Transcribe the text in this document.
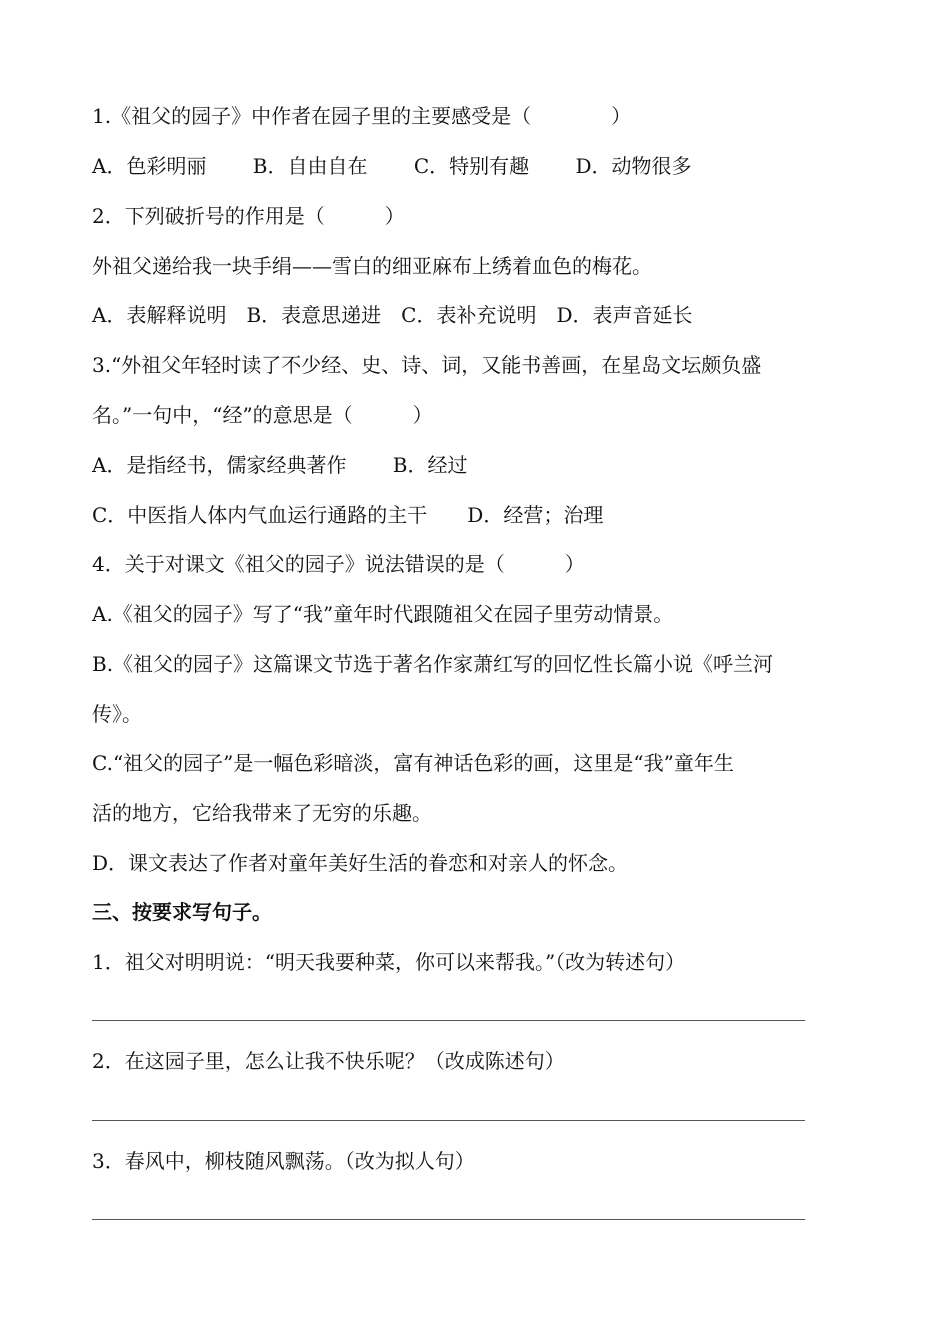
1.《祖父的园子》中作者在园子里的主要感受是（　　　　）

A．色彩明丽　　 B．自由自在　　 C．特别有趣　　 D．动物很多

2．下列破折号的作用是（　　　）

外祖父递给我一块手绢——雪白的细亚麻布上绣着血色的梅花。

A．表解释说明　B．表意思递进　C．表补充说明　D．表声音延长

3.“外祖父年轻时读了不少经、史、诗、词，又能书善画，在星岛文坛颇负盛

名。”一句中，“经”的意思是（　　　）

A．是指经书，儒家经典著作　　 B．经过

C．中医指人体内气血运行通路的主干　　D．经营；治理

4．关于对课文《祖父的园子》说法错误的是（　　　）

A.《祖父的园子》写了“我”童年时代跟随祖父在园子里劳动情景。

B.《祖父的园子》这篇课文节选于著名作家萧红写的回忆性长篇小说《呼兰河

传》。

C.“祖父的园子”是一幅色彩暗淡，富有神话色彩的画，这里是“我”童年生

活的地方，它给我带来了无穷的乐趣。

D．课文表达了作者对童年美好生活的眷恋和对亲人的怀念。

三、按要求写句子。

1．祖父对明明说：“明天我要种菜，你可以来帮我。”（改为转述句）

2．在这园子里，怎么让我不快乐呢？（改成陈述句）

3．春风中，柳枝随风飘荡。（改为拟人句）
